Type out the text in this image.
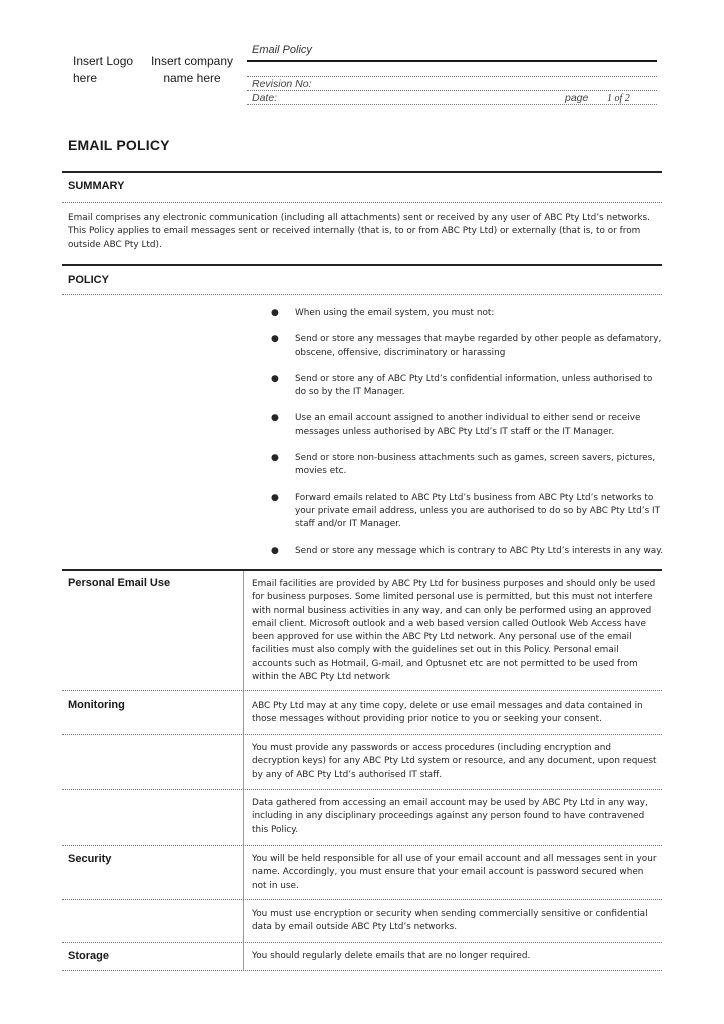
Insert Logo here
Insert company name here
Email Policy
Revision No:
Date:	page 1 of 2
EMAIL POLICY
SUMMARY
Email comprises any electronic communication (including all attachments) sent or received by any user of ABC Pty Ltd’s networks. This Policy applies to email messages sent or received internally (that is, to or from ABC Pty Ltd) or externally (that is, to or from outside ABC Pty Ltd).
POLICY
● When using the email system, you must not:
● Send or store any messages that maybe regarded by other people as defamatory, obscene, offensive, discriminatory or harassing
● Send or store any of ABC Pty Ltd’s confidential information, unless authorised to do so by the IT Manager.
● Use an email account assigned to another individual to either send or receive messages unless authorised by ABC Pty Ltd’s IT staff or the IT Manager.
● Send or store non-business attachments such as games, screen savers, pictures, movies etc.
● Forward emails related to ABC Pty Ltd’s business from ABC Pty Ltd’s networks to your private email address, unless you are authorised to do so by ABC Pty Ltd’s IT staff and/or IT Manager.
● Send or store any message which is contrary to ABC Pty Ltd’s interests in any way.
Personal Email Use	Email facilities are provided by ABC Pty Ltd for business purposes and should only be used for business purposes. Some limited personal use is permitted, but this must not interfere with normal business activities in any way, and can only be performed using an approved email client. Microsoft outlook and a web based version called Outlook Web Access have been approved for use within the ABC Pty Ltd network. Any personal use of the email facilities must also comply with the guidelines set out in this Policy. Personal email accounts such as Hotmail, G-mail, and Optusnet etc are not permitted to be used from within the ABC Pty Ltd network
Monitoring	ABC Pty Ltd may at any time copy, delete or use email messages and data contained in those messages without providing prior notice to you or seeking your consent.
You must provide any passwords or access procedures (including encryption and decryption keys) for any ABC Pty Ltd system or resource, and any document, upon request by any of ABC Pty Ltd’s authorised IT staff.
Data gathered from accessing an email account may be used by ABC Pty Ltd in any way, including in any disciplinary proceedings against any person found to have contravened this Policy.
Security	You will be held responsible for all use of your email account and all messages sent in your name. Accordingly, you must ensure that your email account is password secured when not in use.
You must use encryption or security when sending commercially sensitive or confidential data by email outside ABC Pty Ltd’s networks.
Storage	You should regularly delete emails that are no longer required.
